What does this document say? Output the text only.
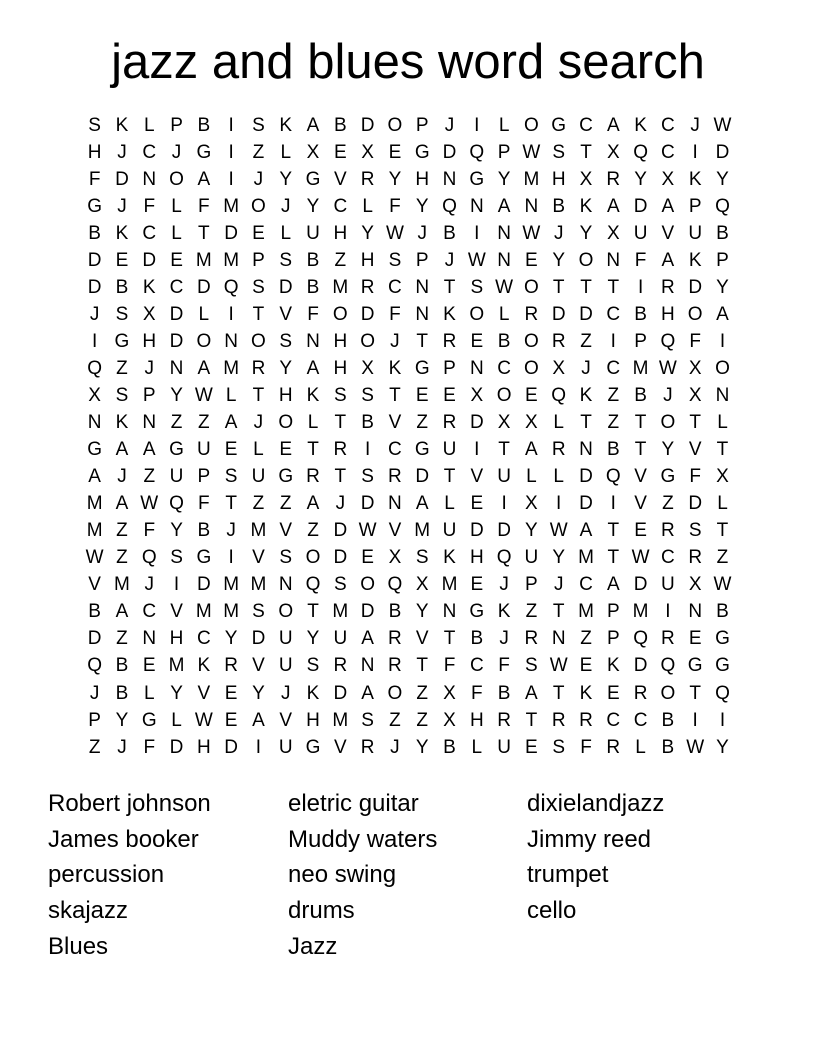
jazz and blues word search
S K L P B I S K A B D O P J	I	L O G C A K C J W
H J C J G I Z L X E X E G D Q P W S T X Q C I D
F D N O A I	J Y G V R Y H N G Y M H X R Y X K Y
G J F L F M O J Y C L F Y Q N A N B K A D A P Q
B K C L T D E L U H Y W J B I N W J Y X U V U B
D E D E M M P S B Z H S P J W N E Y O N F A K P
D B K C D Q S D B M R C N T S W O T T T I R D Y
J S X D L	I T V F O D F N K O L R D D C B H O A
I G H D O N O S N H O J T R E B O R Z I P Q F I
Q Z J N A M R Y A H X K G P N C O X J C M W X O
X S P Y W L T H K S S T E E X O E Q K Z B J X N
N K N Z Z A J O L T B V Z R D X X L T Z T O T L
G A A G U E L E T R I C G U I T A R N B T Y V T
A J Z U P S U G R T S R D T V U L L D Q V G F X
M A W Q F T Z Z A J D N A L E I X I D I V Z D L
M Z F Y B J M V Z D W V M U D D Y W A T E R S T
W Z Q S G I V S O D E X S K H Q U Y M T W C R Z
V M J	I D M M N Q S O Q X M E J P J C A D U X W
B A C V M M S O T M D B Y N G K Z T M P M I N B
D Z N H C Y D U Y U A R V T B J R N Z P Q R E G
Q B E M K R V U S R N R T F C F S W E K D Q G G
J B L Y V E Y J K D A O Z X F B A T K E R O T Q
P Y G L W E A V H M S Z Z X H R T R R C C B I	I
Z J F D H D I U G V R J Y B L U E S F R L B W Y
Robert johnson
James booker
percussion
skajazz
Blues
eletric guitar
Muddy waters
neo swing
drums
Jazz
dixielandjazz
Jimmy reed
trumpet
cello
